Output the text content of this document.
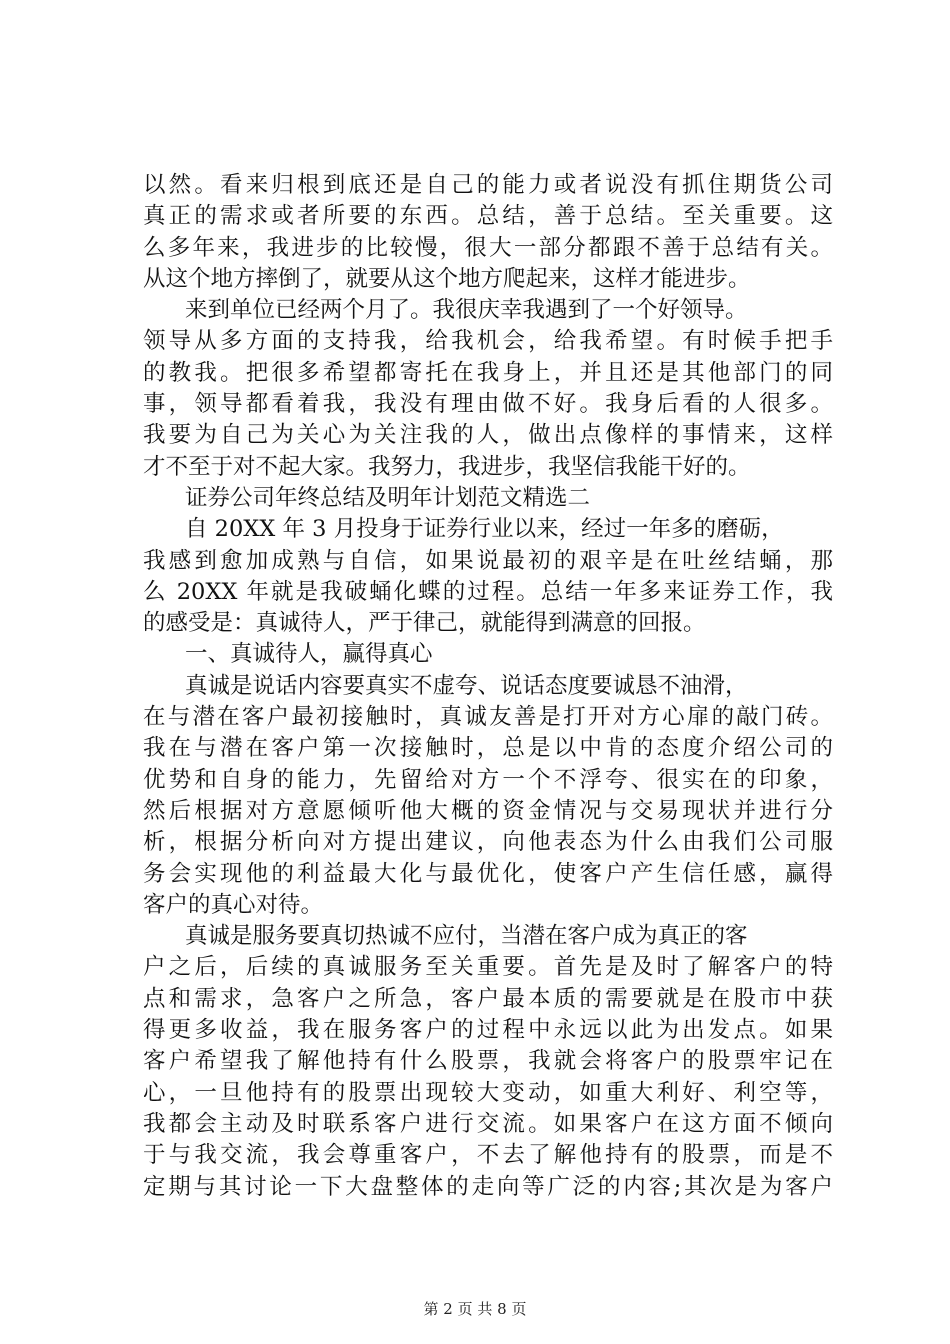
以然。看来归根到底还是自己的能力或者说没有抓住期货公司
真正的需求或者所要的东西。总结，善于总结。至关重要。这
么多年来，我进步的比较慢，很大一部分都跟不善于总结有关。
从这个地方摔倒了，就要从这个地方爬起来，这样才能进步。
来到单位已经两个月了。我很庆幸我遇到了一个好领导。
领导从多方面的支持我，给我机会，给我希望。有时候手把手
的教我。把很多希望都寄托在我身上，并且还是其他部门的同
事，领导都看着我，我没有理由做不好。我身后看的人很多。
我要为自己为关心为关注我的人，做出点像样的事情来，这样
才不至于对不起大家。我努力，我进步，我坚信我能干好的。
证券公司年终总结及明年计划范文精选二
自 20XX 年 3 月投身于证券行业以来，经过一年多的磨砺，
我感到愈加成熟与自信，如果说最初的艰辛是在吐丝结蛹，那
么 20XX 年就是我破蛹化蝶的过程。总结一年多来证券工作，我
的感受是：真诚待人，严于律己，就能得到满意的回报。
一、真诚待人，赢得真心
真诚是说话内容要真实不虚夸、说话态度要诚恳不油滑，
在与潜在客户最初接触时，真诚友善是打开对方心扉的敲门砖。
我在与潜在客户第一次接触时，总是以中肯的态度介绍公司的
优势和自身的能力，先留给对方一个不浮夸、很实在的印象，
然后根据对方意愿倾听他大概的资金情况与交易现状并进行分
析，根据分析向对方提出建议，向他表态为什么由我们公司服
务会实现他的利益最大化与最优化，使客户产生信任感，赢得
客户的真心对待。
真诚是服务要真切热诚不应付，当潜在客户成为真正的客
户之后，后续的真诚服务至关重要。首先是及时了解客户的特
点和需求，急客户之所急，客户最本质的需要就是在股市中获
得更多收益，我在服务客户的过程中永远以此为出发点。如果
客户希望我了解他持有什么股票，我就会将客户的股票牢记在
心，一旦他持有的股票出现较大变动，如重大利好、利空等，
我都会主动及时联系客户进行交流。如果客户在这方面不倾向
于与我交流，我会尊重客户，不去了解他持有的股票，而是不
定期与其讨论一下大盘整体的走向等广泛的内容;其次是为客户
第 2 页 共 8 页
